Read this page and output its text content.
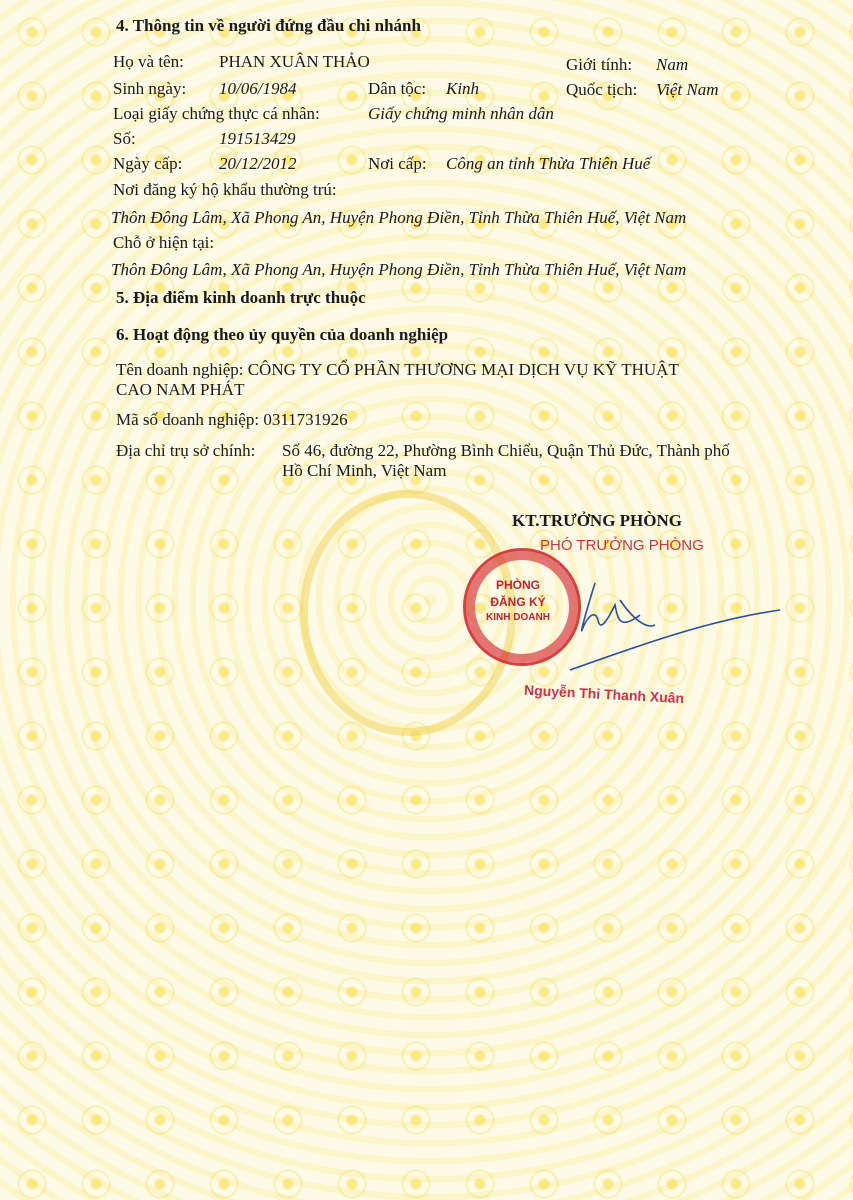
4. Thông tin về người đứng đầu chi nhánh
Họ và tên: PHAN XUÂN THẢO	Giới tính: Nam
Sinh ngày: 10/06/1984	Dân tộc: Kinh	Quốc tịch: Việt Nam
Loại giấy chứng thực cá nhân:	Giấy chứng minh nhân dân
Số:	191513429
Ngày cấp: 20/12/2012	Nơi cấp: Công an tỉnh Thừa Thiên Huế
Nơi đăng ký hộ khẩu thường trú:
Thôn Đông Lâm, Xã Phong An, Huyện Phong Điền, Tỉnh Thừa Thiên Huế, Việt Nam
Chỗ ở hiện tại:
Thôn Đông Lâm, Xã Phong An, Huyện Phong Điền, Tỉnh Thừa Thiên Huế, Việt Nam
5. Địa điểm kinh doanh trực thuộc
6. Hoạt động theo ủy quyền của doanh nghiệp
Tên doanh nghiệp: CÔNG TY CỔ PHẦN THƯƠNG MẠI DỊCH VỤ KỸ THUẬT
CAO NAM PHÁT
Mã số doanh nghiệp: 0311731926
Địa chỉ trụ sở chính: Số 46, đường 22, Phường Bình Chiểu, Quận Thủ Đức, Thành phố
Hồ Chí Minh, Việt Nam
KT.TRƯỞNG PHÒNG
PHÓ TRƯỞNG PHÒNG
PHÒNG
ĐĂNG KÝ
KINH DOANH
Nguyễn Thi Thanh Xuân
